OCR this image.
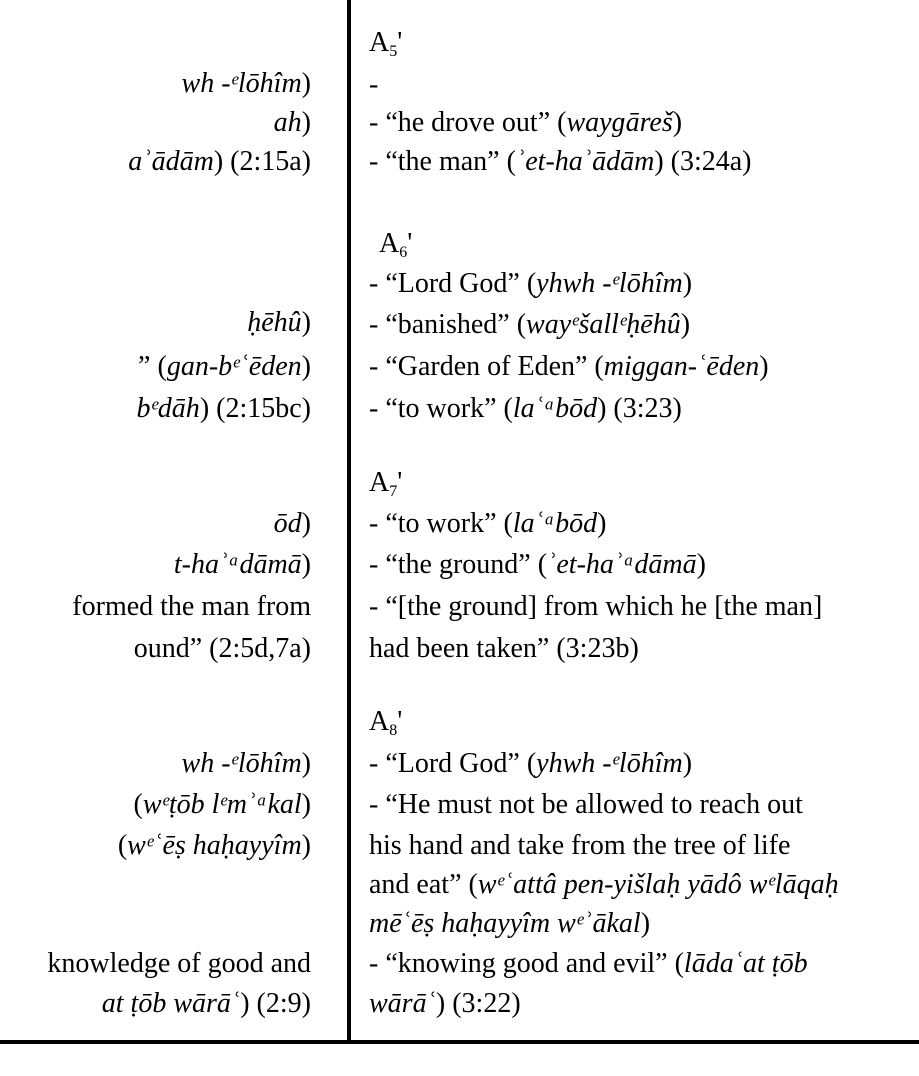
wh ‑ᵉlōhîm)
ah)
aʾādām) (2:15a)
ḥēhû)
” (gan-bᵉʿēden)
bᵉdāh) (2:15bc)
ōd)
t-haʾᵃdāmā)
formed the man from
ound” (2:5d,7a)
wh ‑ᵉlōhîm)
(wᵉṭōb lᵉmʾᵃkal)
(wᵉʿēṣ haḥayyîm)
knowledge of good and
at ṭōb wārāʿ) (2:9)
$A_5'$
-
- “he drove out” (wayɡāreš)
- “the man” (ʾet-haʾādām) (3:24a)
$A_6'$
- “Lord God” (yhwh ‑ᵉlōhîm)
- “banished” (wayᵉšallᵉḥēhû)
- “Garden of Eden” (miggan-ʿēden)
- “to work” (laʿᵃbōd) (3:23)
$A_7'$
- “to work” (laʿᵃbōd)
- “the ground” (ʾet-haʾᵃdāmā)
- “[the ground] from which he [the man]
had been taken” (3:23b)
$A_8'$
- “Lord God” (yhwh ‑ᵉlōhîm)
- “He must not be allowed to reach out
his hand and take from the tree of life
and eat” (wᵉʿattâ pen-yišlaḥ yādô wᵉlāqaḥ
mēʿēṣ haḥayyîm wᵉʾākal)
- “knowing good and evil” (lādaʿat ṭōb
wārāʿ) (3:22)
